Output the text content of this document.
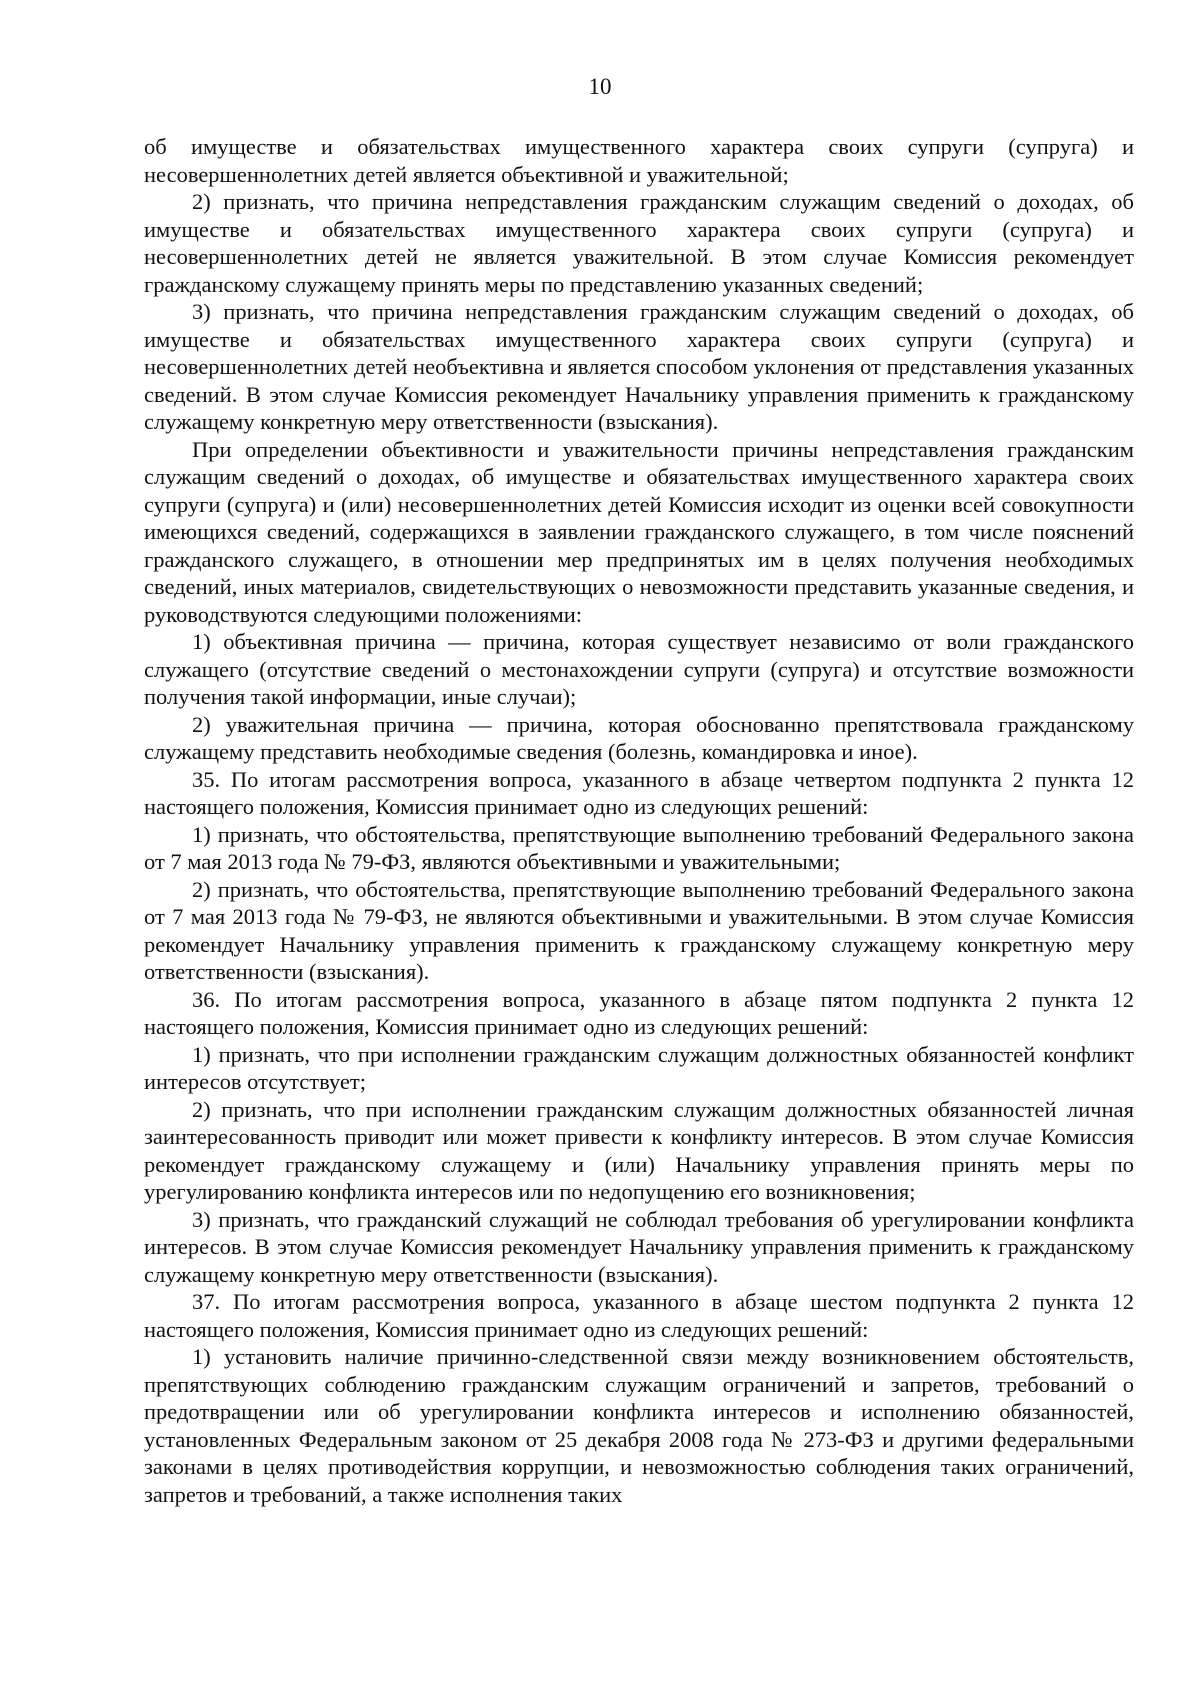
10

об имуществе и обязательствах имущественного характера своих супруги (супруга) и несовершеннолетних детей является объективной и уважительной;

2) признать, что причина непредставления гражданским служащим сведений о доходах, об имуществе и обязательствах имущественного характера своих супруги (супруга) и несовершеннолетних детей не является уважительной. В этом случае Комиссия рекомендует гражданскому служащему принять меры по представлению указанных сведений;

3) признать, что причина непредставления гражданским служащим сведений о доходах, об имуществе и обязательствах имущественного характера своих супруги (супруга) и несовершеннолетних детей необъективна и является способом уклонения от представления указанных сведений. В этом случае Комиссия рекомендует Начальнику управления применить к гражданскому служащему конкретную меру ответственности (взыскания).

При определении объективности и уважительности причины непредставления гражданским служащим сведений о доходах, об имуществе и обязательствах имущественного характера своих супруги (супруга) и (или) несовершеннолетних детей Комиссия исходит из оценки всей совокупности имеющихся сведений, содержащихся в заявлении гражданского служащего, в том числе пояснений гражданского служащего, в отношении мер предпринятых им в целях получения необходимых сведений, иных материалов, свидетельствующих о невозможности представить указанные сведения, и руководствуются следующими положениями:

1) объективная причина — причина, которая существует независимо от воли гражданского служащего (отсутствие сведений о местонахождении супруги (супруга) и отсутствие возможности получения такой информации, иные случаи);

2) уважительная причина — причина, которая обоснованно препятствовала гражданскому служащему представить необходимые сведения (болезнь, командировка и иное).

35. По итогам рассмотрения вопроса, указанного в абзаце четвертом подпункта 2 пункта 12 настоящего положения, Комиссия принимает одно из следующих решений:

1) признать, что обстоятельства, препятствующие выполнению требований Федерального закона от 7 мая 2013 года № 79-ФЗ, являются объективными и уважительными;

2) признать, что обстоятельства, препятствующие выполнению требований Федерального закона от 7 мая 2013 года № 79-ФЗ, не являются объективными и уважительными. В этом случае Комиссия рекомендует Начальнику управления применить к гражданскому служащему конкретную меру ответственности (взыскания).

36. По итогам рассмотрения вопроса, указанного в абзаце пятом подпункта 2 пункта 12 настоящего положения, Комиссия принимает одно из следующих решений:

1) признать, что при исполнении гражданским служащим должностных обязанностей конфликт интересов отсутствует;

2) признать, что при исполнении гражданским служащим должностных обязанностей личная заинтересованность приводит или может привести к конфликту интересов. В этом случае Комиссия рекомендует гражданскому служащему и (или) Начальнику управления принять меры по урегулированию конфликта интересов или по недопущению его возникновения;

3) признать, что гражданский служащий не соблюдал требования об урегулировании конфликта интересов. В этом случае Комиссия рекомендует Начальнику управления применить к гражданскому служащему конкретную меру ответственности (взыскания).

37. По итогам рассмотрения вопроса, указанного в абзаце шестом подпункта 2 пункта 12 настоящего положения, Комиссия принимает одно из следующих решений:

1) установить наличие причинно-следственной связи между возникновением обстоятельств, препятствующих соблюдению гражданским служащим ограничений и запретов, требований о предотвращении или об урегулировании конфликта интересов и исполнению обязанностей, установленных Федеральным законом от 25 декабря 2008 года № 273-ФЗ и другими федеральными законами в целях противодействия коррупции, и невозможностью соблюдения таких ограничений, запретов и требований, а также исполнения таких
